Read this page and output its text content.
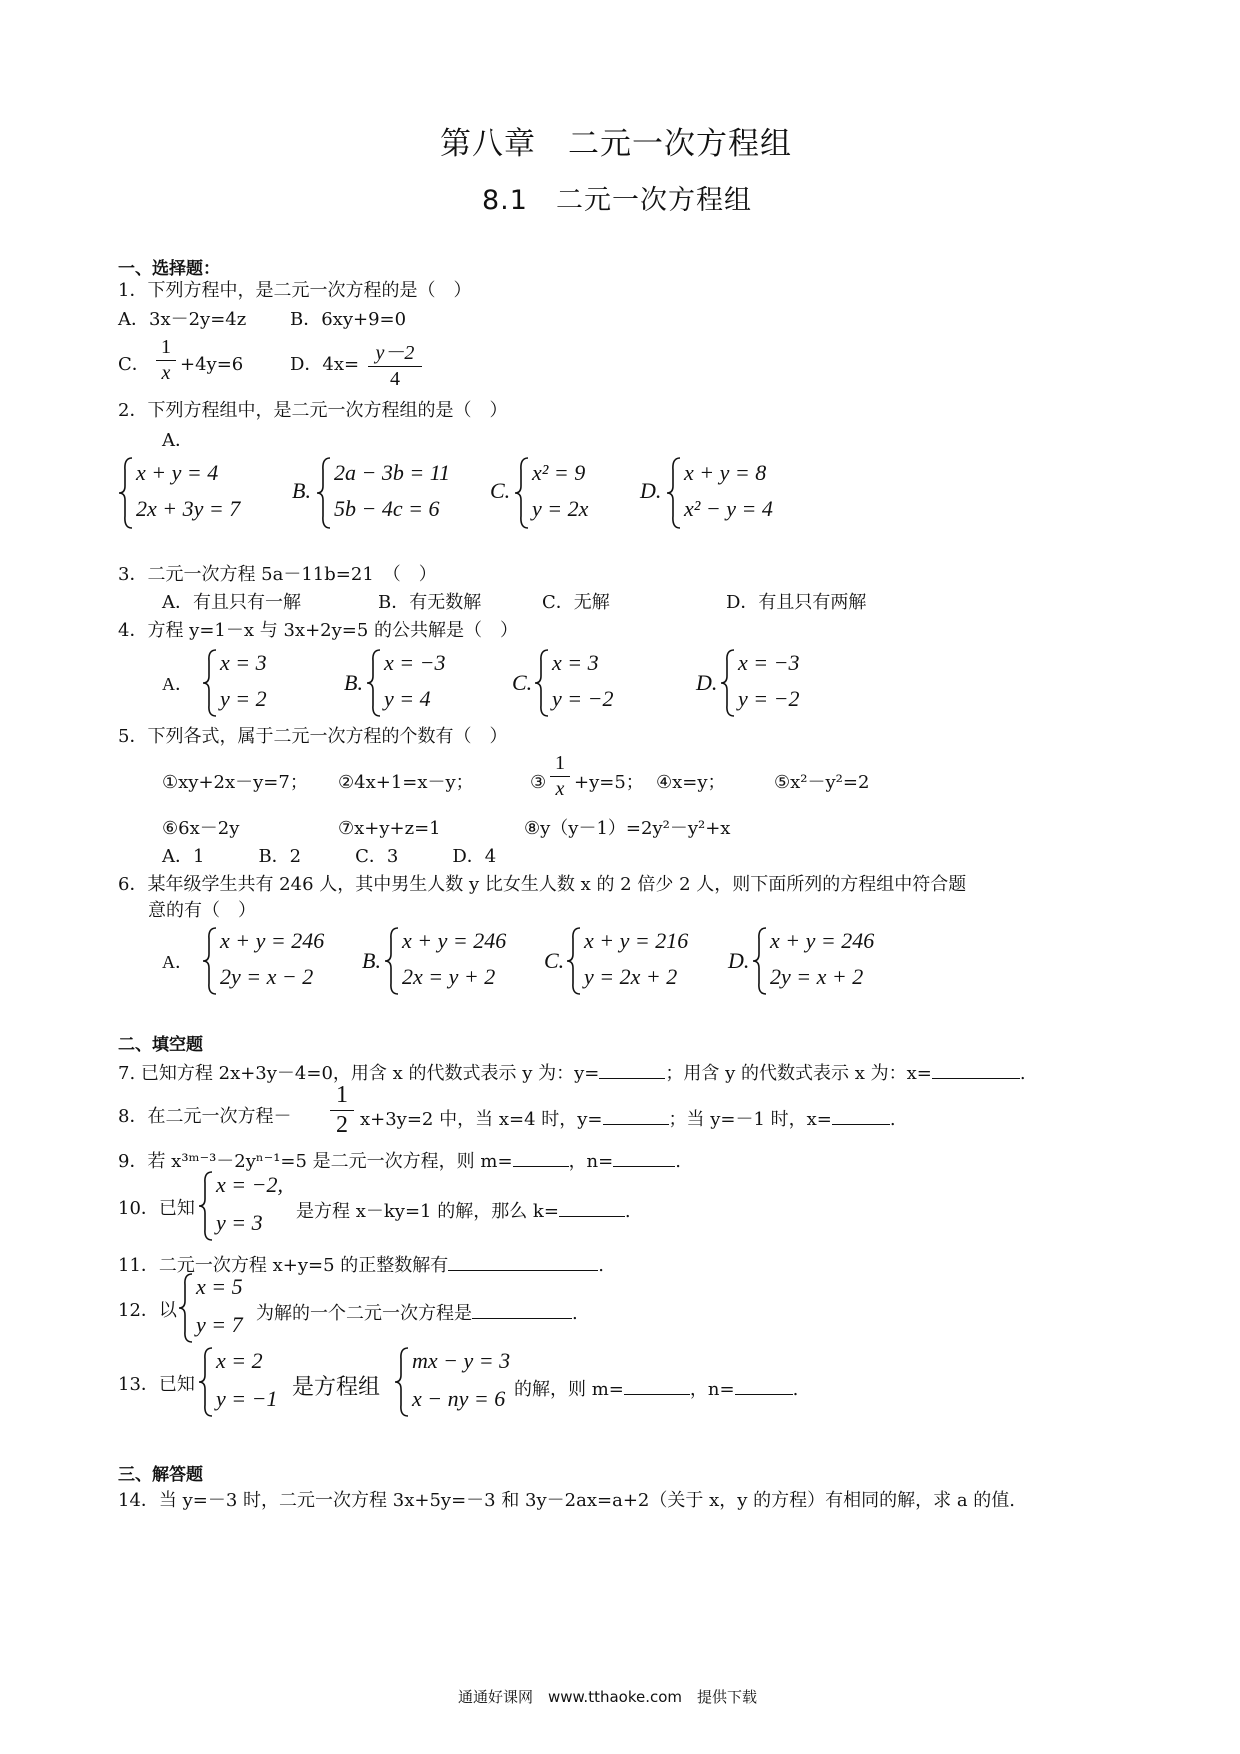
第八章　二元一次方程组
8.1　二元一次方程组
一、选择题：
1．下列方程中，是二元一次方程的是（　）
A．3x－2y=4z B．6xy+9=0
C．
1
x +4y=6	D．4x=
y－2
4
2．下列方程组中，是二元一次方程组的是（　）
A．
x + y = 4
2x + 3y = 7
B.
2a − 3b = 11
5b − 4c = 6
C.
x² = 9
y = 2x
D.
x + y = 8
x² − y = 4
3．二元一次方程 5a－11b=21　（　）
A．有且只有一解	B．有无数解	C．无解	D．有且只有两解
4．方程 y=1－x 与 3x+2y=5 的公共解是（　）
A．
x = 3
y = 2
B.
x = −3
y = 4
C.
x = 3
y = −2
D.
x = −3
y = −2
5．下列各式，属于二元一次方程的个数有（　）
①xy+2x－y=7； ②4x+1=x－y；	③
1
x +y=5； ④x=y；	⑤x²－y²=2
⑥6x－2y	⑦x+y+z=1	⑧y（y－1）=2y²－y²+x
A．1　　　B．2　　　C．3　　　D．4
6．某年级学生共有 246 人，其中男生人数 y 比女生人数 x 的 2 倍少 2 人，则下面所列的方程组中符合题
意的有（　）
A．
x + y = 246
2y = x − 2
B.
x + y = 246
2x = y + 2
C.
x + y = 216
y = 2x + 2
D.
x + y = 246
2y = x + 2
二、填空题
7. 已知方程 2x+3y－4=0，用含 x 的代数式表示 y 为：y=	；用含 y 的代数式表示 x 为：x=	.
8．在二元一次方程－
1
2 x+3y=2 中，当 x=4 时，y=	；当 y=－1 时，x=	.
9．若 x³ᵐ⁻³－2yⁿ⁻¹=5 是二元一次方程，则 m=	，n=	.
10．已知
x = −2,
y = 3 是方程 x－ky=1 的解，那么 k=	.
11．二元一次方程 x+y=5 的正整数解有	.
12．以
x = 5
y = 7 为解的一个二元一次方程是	.
13．已知
x = 2
y = −1 是方程组
mx − y = 3
x − ny = 6 的解，则 m=	，n=	.
三、解答题
14．当 y=－3 时，二元一次方程 3x+5y=－3 和 3y－2ax=a+2（关于 x，y 的方程）有相同的解，求 a 的值.
通通好课网　www.tthaoke.com　提供下载
